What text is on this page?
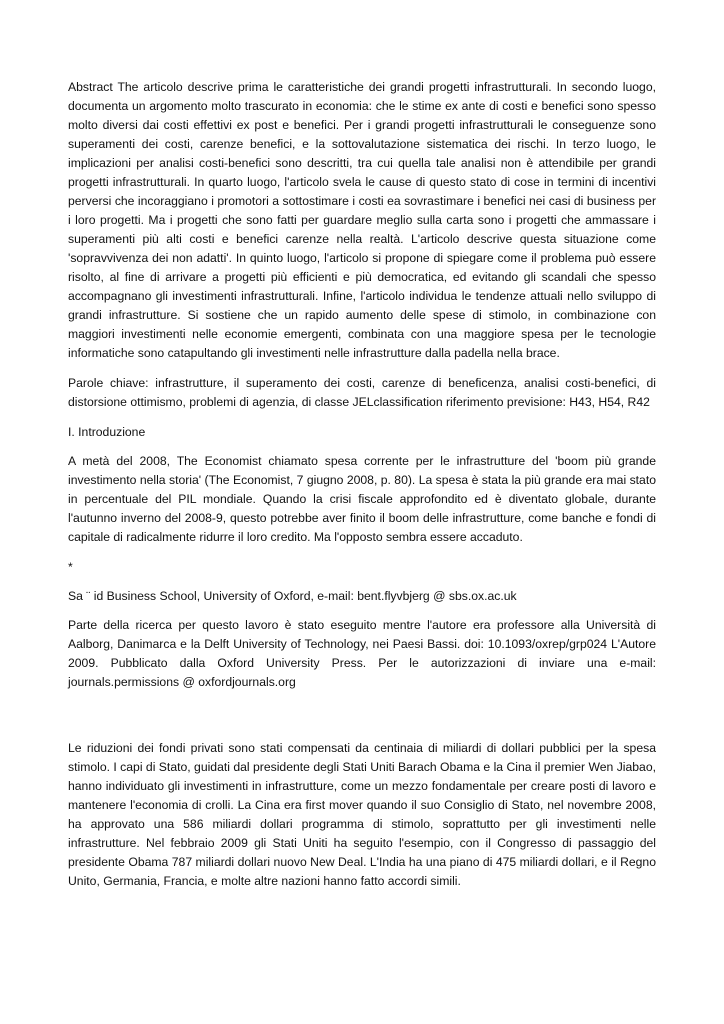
Abstract The articolo descrive prima le caratteristiche dei grandi progetti infrastrutturali. In secondo luogo, documenta un argomento molto trascurato in economia: che le stime ex ante di costi e benefici sono spesso molto diversi dai costi effettivi ex post e benefici. Per i grandi progetti infrastrutturali le conseguenze sono superamenti dei costi, carenze benefici, e la sottovalutazione sistematica dei rischi. In terzo luogo, le implicazioni per analisi costi-benefici sono descritti, tra cui quella tale analisi non è attendibile per grandi progetti infrastrutturali. In quarto luogo, l'articolo svela le cause di questo stato di cose in termini di incentivi perversi che incoraggiano i promotori a sottostimare i costi ea sovrastimare i benefici nei casi di business per i loro progetti. Ma i progetti che sono fatti per guardare meglio sulla carta sono i progetti che ammassare i superamenti più alti costi e benefici carenze nella realtà. L'articolo descrive questa situazione come 'sopravvivenza dei non adatti'. In quinto luogo, l'articolo si propone di spiegare come il problema può essere risolto, al fine di arrivare a progetti più efficienti e più democratica, ed evitando gli scandali che spesso accompagnano gli investimenti infrastrutturali. Infine, l'articolo individua le tendenze attuali nello sviluppo di grandi infrastrutture. Si sostiene che un rapido aumento delle spese di stimolo, in combinazione con maggiori investimenti nelle economie emergenti, combinata con una maggiore spesa per le tecnologie informatiche sono catapultando gli investimenti nelle infrastrutture dalla padella nella brace.

Parole chiave: infrastrutture, il superamento dei costi, carenze di beneficenza, analisi costi-benefici, di distorsione ottimismo, problemi di agenzia, di classe JELclassification riferimento previsione: H43, H54, R42

I. Introduzione

A metà del 2008, The Economist chiamato spesa corrente per le infrastrutture del 'boom più grande investimento nella storia' (The Economist, 7 giugno 2008, p. 80). La spesa è stata la più grande era mai stato in percentuale del PIL mondiale. Quando la crisi fiscale approfondito ed è diventato globale, durante l'autunno inverno del 2008-9, questo potrebbe aver finito il boom delle infrastrutture, come banche e fondi di capitale di radicalmente ridurre il loro credito. Ma l'opposto sembra essere accaduto.

*

Sa ¨ id Business School, University of Oxford, e-mail: bent.flyvbjerg @ sbs.ox.ac.uk

Parte della ricerca per questo lavoro è stato eseguito mentre l'autore era professore alla Università di Aalborg, Danimarca e la Delft University of Technology, nei Paesi Bassi. doi: 10.1093/oxrep/grp024 L'Autore 2009. Pubblicato dalla Oxford University Press. Per le autorizzazioni di inviare una e-mail: journals.permissions @ oxfordjournals.org

Le riduzioni dei fondi privati sono stati compensati da centinaia di miliardi di dollari pubblici per la spesa stimolo. I capi di Stato, guidati dal presidente degli Stati Uniti Barach Obama e la Cina il premier Wen Jiabao, hanno individuato gli investimenti in infrastrutture, come un mezzo fondamentale per creare posti di lavoro e mantenere l'economia di crolli. La Cina era first mover quando il suo Consiglio di Stato, nel novembre 2008, ha approvato una 586 miliardi dollari programma di stimolo, soprattutto per gli investimenti nelle infrastrutture. Nel febbraio 2009 gli Stati Uniti ha seguito l'esempio, con il Congresso di passaggio del presidente Obama 787 miliardi dollari nuovo New Deal. L'India ha una piano di 475 miliardi dollari, e il Regno Unito, Germania, Francia, e molte altre nazioni hanno fatto accordi simili.
